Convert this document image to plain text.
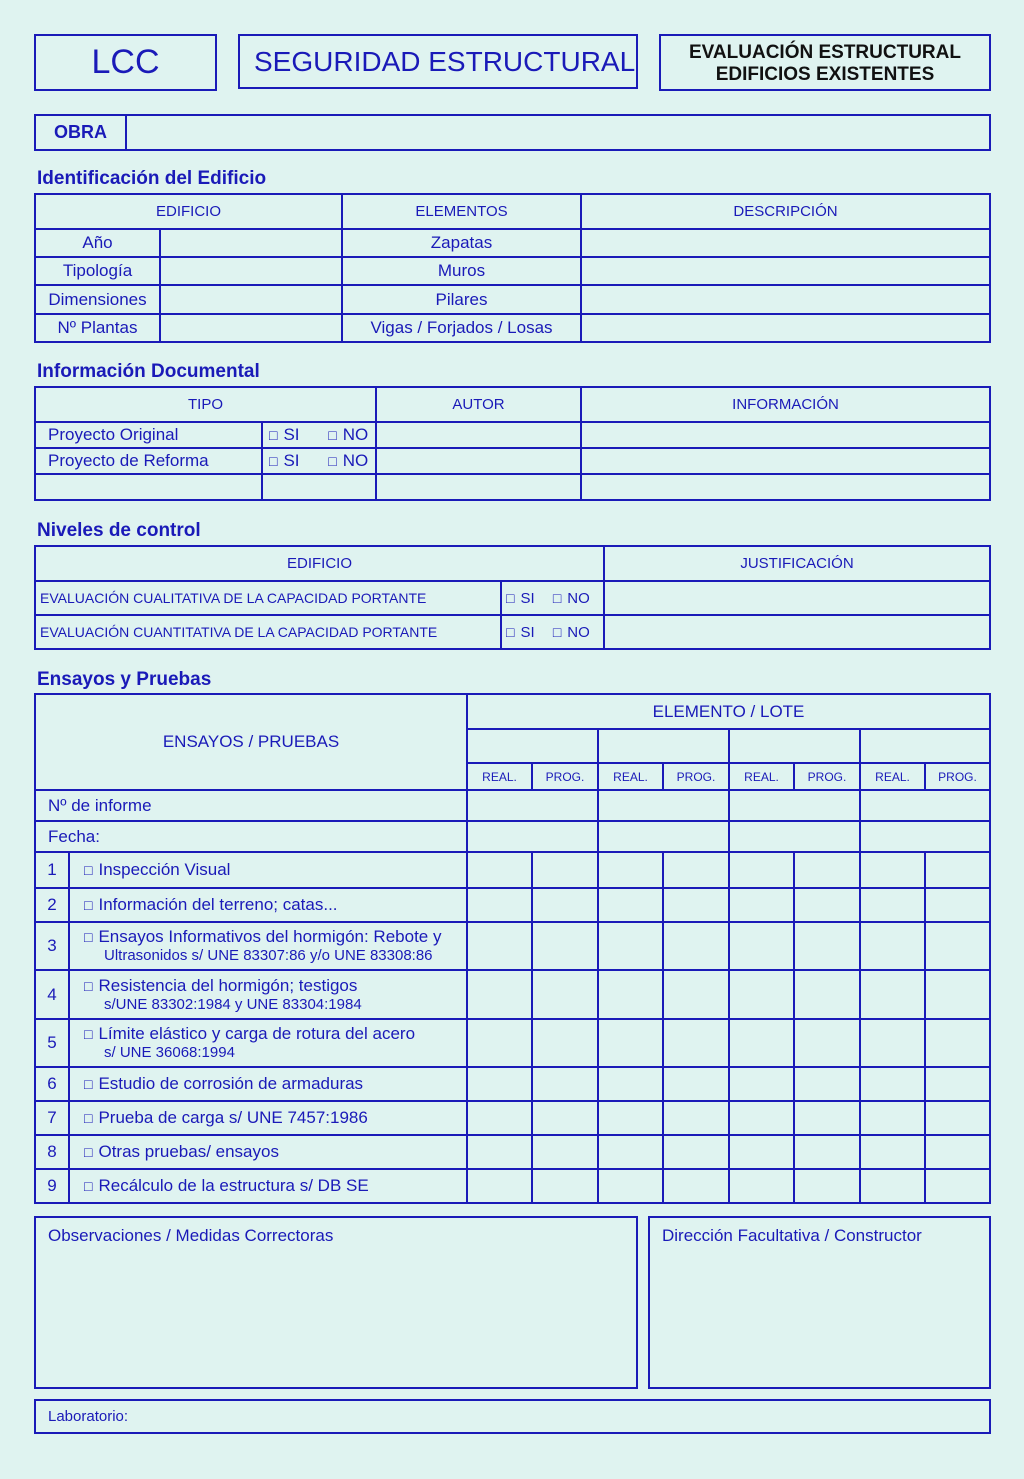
LCC	SEGURIDAD ESTRUCTURAL	EVALUACIÓN ESTRUCTURAL
EDIFICIOS EXISTENTES
OBRA	
Identificación del Edificio
EDIFICIO		ELEMENTOS	DESCRIPCIÓN
Año		Zapatas	
Tipología		Muros	
Dimensiones		Pilares	
Nº Plantas		Vigas / Forjados / Losas	
Información Documental
TIPO		AUTOR	INFORMACIÓN
Proyecto Original	□ SI □ NO		
Proyecto de Reforma	□ SI □ NO		

Niveles de control
EDIFICIO		JUSTIFICACIÓN
EVALUACIÓN CUALITATIVA DE LA CAPACIDAD PORTANTE	□ SI □ NO	
EVALUACIÓN CUANTITATIVA DE LA CAPACIDAD PORTANTE	□ SI □ NO	
Ensayos y Pruebas
ENSAYOS / PRUEBAS		ELEMENTO / LOTE							

		REAL.	PROG.	REAL.	PROG.	REAL.	PROG.	REAL.	PROG.
Nº de informe									
Fecha:									
1	□ Inspección Visual

2	□ Información del terreno; catas...

3	□ Ensayos Informativos del hormigón: Rebote y
Ultrasonidos s/ UNE 83307:86 y/o UNE 83308:86

4	□ Resistencia del hormigón; testigos
s/UNE 83302:1984 y UNE 83304:1984

5	□ Límite elástico y carga de rotura del acero
s/ UNE 36068:1994

6	□ Estudio de corrosión de armaduras

7	□ Prueba de carga s/ UNE 7457:1986

8	□ Otras pruebas/ ensayos

9	□ Recálculo de la estructura s/ DB SE

Observaciones / Medidas Correctoras	Dirección Facultativa / Constructor
Laboratorio:
